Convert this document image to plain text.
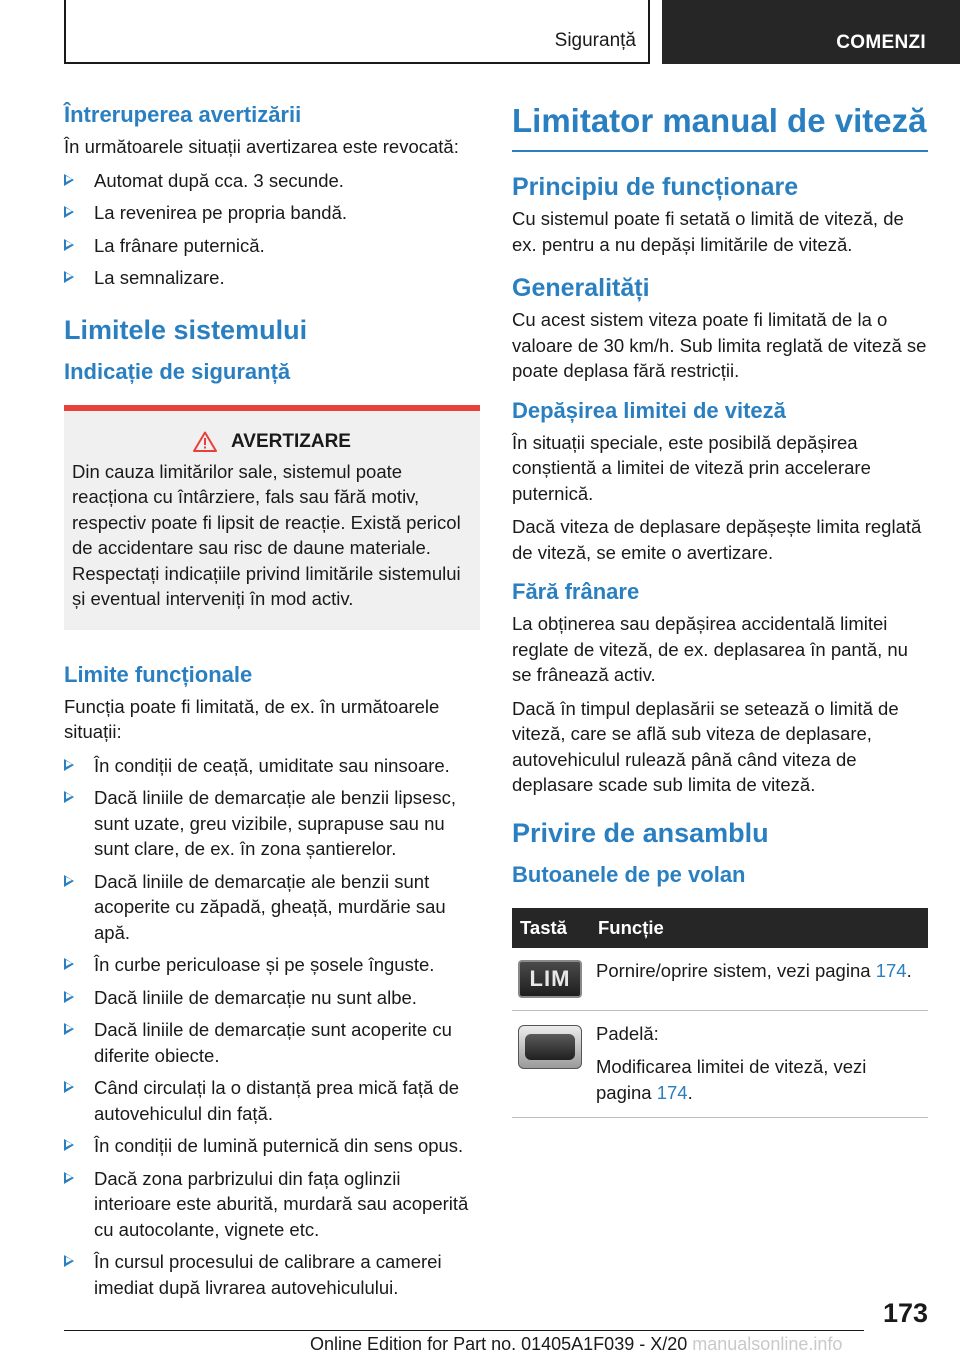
Siguranță	COMENZI
Întreruperea avertizării

În următoarele situații avertizarea este revocată:

Automat după cca. 3 secunde.
La revenirea pe propria bandă.
La frânare puternică.
La semnalizare.
Limitele sistemului
Indicație de siguranță
AVERTIZARE

Din cauza limitărilor sale, sistemul poate reacționa cu întârziere, fals sau fără motiv, respectiv poate fi lipsit de reacție. Există pericol de accidentare sau risc de daune materiale. Respectați indicațiile privind limitările sistemului și eventual interveniți în mod activ.

Limite funcționale

Funcția poate fi limitată, de ex. în următoarele situații:

În condiții de ceață, umiditate sau ninsoare.
Dacă liniile de demarcație ale benzii lipsesc, sunt uzate, greu vizibile, suprapuse sau nu sunt clare, de ex. în zona șantierelor.
Dacă liniile de demarcație ale benzii sunt acoperite cu zăpadă, gheață, murdărie sau apă.
În curbe periculoase și pe șosele înguste.
Dacă liniile de demarcație nu sunt albe.
Dacă liniile de demarcație sunt acoperite cu diferite obiecte.
Când circulați la o distanță prea mică față de autovehiculul din față.
În condiții de lumină puternică din sens opus.
Dacă zona parbrizului din fața oglinzii interioare este aburită, murdară sau acoperită cu autocolante, vignete etc.
În cursul procesului de calibrare a camerei imediat după livrarea autovehiculului.
Limitator manual de viteză
Principiu de funcționare

Cu sistemul poate fi setată o limită de viteză, de ex. pentru a nu depăși limitările de viteză.

Generalități

Cu acest sistem viteza poate fi limitată de la o valoare de 30 km/h. Sub limita reglată de viteză se poate deplasa fără restricții.

Depășirea limitei de viteză

În situații speciale, este posibilă depășirea conștientă a limitei de viteză prin accelerare puternică.

Dacă viteza de deplasare depășește limita reglată de viteză, se emite o avertizare.

Fără frânare

La obținerea sau depășirea accidentală limitei reglate de viteză, de ex. deplasarea în pantă, nu se frânează activ.

Dacă în timpul deplasării se setează o limită de viteză, care se află sub viteza de deplasare, autovehiculul rulează până când viteza de deplasare scade sub limita de viteză.

Privire de ansamblu
Butoanele de pe volan
Tastă	Funcție

LIM	Pornire/oprire sistem, vezi pagina 174.

	Padelă:

Modificarea limitei de viteză, vezi pagina 174.
173
Online Edition for Part no. 01405A1F039 - X/20 manualsonline.info
